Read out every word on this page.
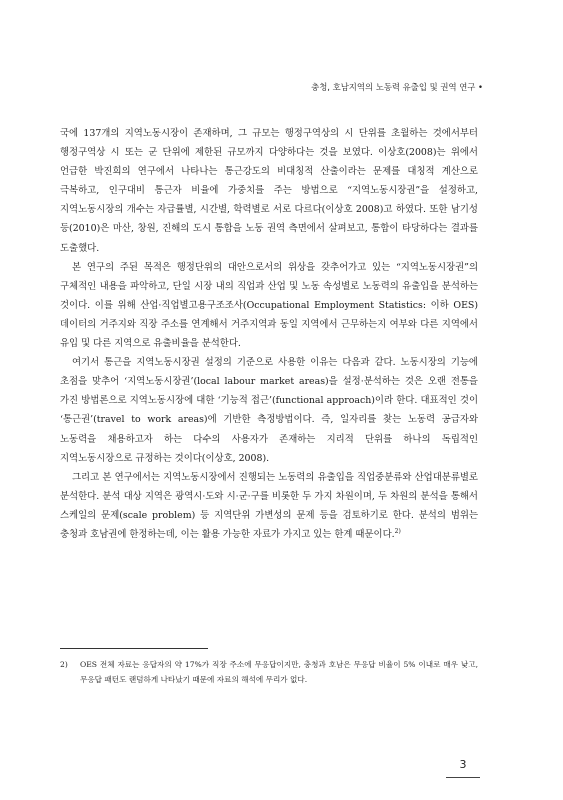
충청, 호남지역의 노동력 유출입 및 권역 연구 •

국에 137개의 지역노동시장이 존재하며, 그 규모는 행정구역상의 시 단위를 초월하는 것에서부터 행정구역상 시 또는 군 단위에 제한된 규모까지 다양하다는 것을 보였다. 이상호(2008)는 위에서 언급한 박진희의 연구에서 나타나는 통근강도의 비대칭적 산출이라는 문제를 대칭적 계산으로 극복하고, 인구대비 통근자 비율에 가중치를 주는 방법으로 “지역노동시장권”을 설정하고, 지역노동시장의 개수는 자급률별, 시간별, 학력별로 서로 다르다(이상호 2008)고 하였다. 또한 남기성 등(2010)은 마산, 창원, 진해의 도시 통합을 노동 권역 측면에서 살펴보고, 통합이 타당하다는 결과를 도출했다.

본 연구의 주된 목적은 행정단위의 대안으로서의 위상을 갖추어가고 있는 “지역노동시장권”의 구체적인 내용을 파악하고, 단일 시장 내의 직업과 산업 및 노동 속성별로 노동력의 유출입을 분석하는 것이다. 이를 위해 산업·직업별고용구조조사(Occupational Employment Statistics: 이하 OES) 데이터의 거주지와 직장 주소를 연계해서 거주지역과 동일 지역에서 근무하는지 여부와 다른 지역에서 유입 및 다른 지역으로 유출비율을 분석한다.

여기서 통근을 지역노동시장권 설정의 기준으로 사용한 이유는 다음과 같다. 노동시장의 기능에 초점을 맞추어 ‘지역노동시장권’(local labour market areas)을 설정·분석하는 것은 오랜 전통을 가진 방법론으로 지역노동시장에 대한 ‘기능적 접근’(functional approach)이라 한다. 대표적인 것이 ‘통근권’(travel to work areas)에 기반한 측정방법이다. 즉, 일자리를 찾는 노동력 공급자와 노동력을 채용하고자 하는 다수의 사용자가 존재하는 지리적 단위를 하나의 독립적인 지역노동시장으로 규정하는 것이다(이상호, 2008).

그리고 본 연구에서는 지역노동시장에서 진행되는 노동력의 유출입을 직업중분류와 산업대분류별로 분석한다. 분석 대상 지역은 광역시·도와 시·군·구를 비롯한 두 가지 차원이며, 두 차원의 분석을 통해서 스케일의 문제(scale problem) 등 지역단위 가변성의 문제 등을 검토하기로 한다. 분석의 범위는 충청과 호남권에 한정하는데, 이는 활용 가능한 자료가 가지고 있는 한계 때문이다.$^{2)}$

2)	OES 전체 자료는 응답자의 약 17%가 직장 주소에 무응답이지만, 충청과 호남은 무응답 비율이 5% 이내로 매우 낮고, 무응답 패턴도 랜덤하게 나타났기 때문에 자료의 해석에 무리가 없다.
3
